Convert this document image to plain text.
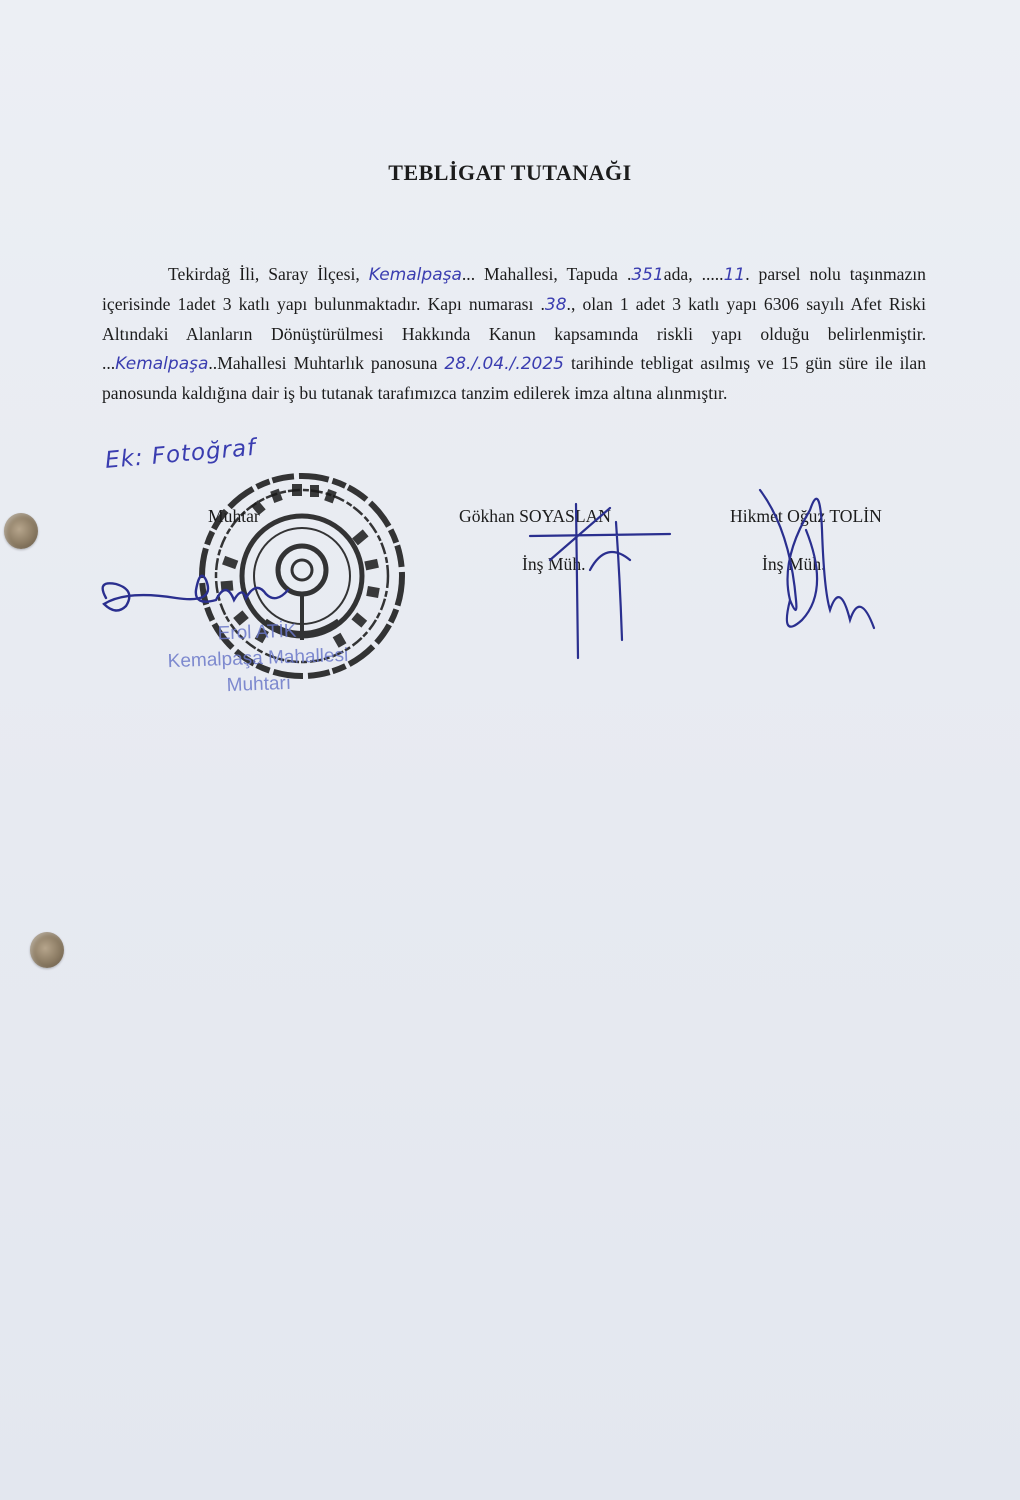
TEBLİGAT TUTANAĞI
Tekirdağ İli, Saray İlçesi, Kemalpaşa... Mahallesi, Tapuda .351ada, .....11. parsel nolu taşınmazın içerisinde 1adet 3 katlı yapı bulunmaktadır. Kapı numarası .38., olan 1 adet 3 katlı yapı 6306 sayılı Afet Riski Altındaki Alanların Dönüştürülmesi Hakkında Kanun kapsamında riskli yapı olduğu belirlenmiştir. ...Kemalpaşa..Mahallesi Muhtarlık panosuna 28./.04./.2025 tarihinde tebligat asılmış ve 15 gün süre ile ilan panosunda kaldığına dair iş bu tutanak tarafımızca tanzim edilerek imza altına alınmıştır.
Ek: Fotoğraf
Muhtar	Gökhan SOYASLAN
İnş Müh.
Hikmet Oğuz TOLİN
İnş Müh.
Erol ATİK
Kemalpaşa Mahallesi
Muhtarı
